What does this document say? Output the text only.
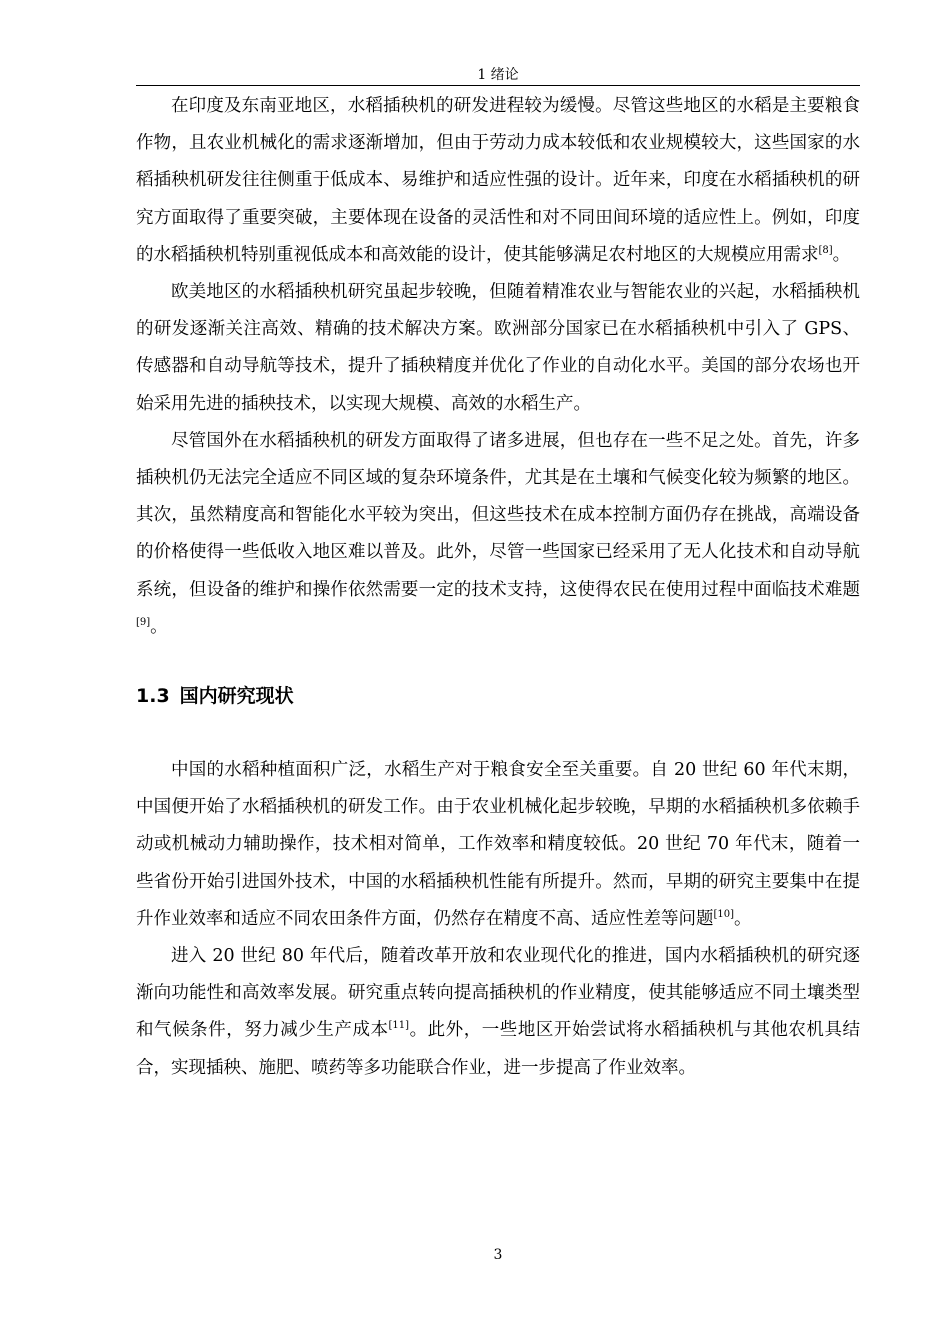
1 绪论

在印度及东南亚地区，水稻插秧机的研发进程较为缓慢。尽管这些地区的水稻是主要粮食作物，且农业机械化的需求逐渐增加，但由于劳动力成本较低和农业规模较大，这些国家的水稻插秧机研发往往侧重于低成本、易维护和适应性强的设计。近年来，印度在水稻插秧机的研究方面取得了重要突破，主要体现在设备的灵活性和对不同田间环境的适应性上。例如，印度的水稻插秧机特别重视低成本和高效能的设计，使其能够满足农村地区的大规模应用需求[8]。

欧美地区的水稻插秧机研究虽起步较晚，但随着精准农业与智能农业的兴起，水稻插秧机的研发逐渐关注高效、精确的技术解决方案。欧洲部分国家已在水稻插秧机中引入了 GPS、传感器和自动导航等技术，提升了插秧精度并优化了作业的自动化水平。美国的部分农场也开始采用先进的插秧技术，以实现大规模、高效的水稻生产。

尽管国外在水稻插秧机的研发方面取得了诸多进展，但也存在一些不足之处。首先，许多插秧机仍无法完全适应不同区域的复杂环境条件，尤其是在土壤和气候变化较为频繁的地区。其次，虽然精度高和智能化水平较为突出，但这些技术在成本控制方面仍存在挑战，高端设备的价格使得一些低收入地区难以普及。此外，尽管一些国家已经采用了无人化技术和自动导航系统，但设备的维护和操作依然需要一定的技术支持，这使得农民在使用过程中面临技术难题[9]。

1.3 国内研究现状

中国的水稻种植面积广泛，水稻生产对于粮食安全至关重要。自 20 世纪 60 年代末期，中国便开始了水稻插秧机的研发工作。由于农业机械化起步较晚，早期的水稻插秧机多依赖手动或机械动力辅助操作，技术相对简单，工作效率和精度较低。20 世纪 70 年代末，随着一些省份开始引进国外技术，中国的水稻插秧机性能有所提升。然而，早期的研究主要集中在提升作业效率和适应不同农田条件方面，仍然存在精度不高、适应性差等问题[10]。

进入 20 世纪 80 年代后，随着改革开放和农业现代化的推进，国内水稻插秧机的研究逐渐向功能性和高效率发展。研究重点转向提高插秧机的作业精度，使其能够适应不同土壤类型和气候条件，努力减少生产成本[11]。此外，一些地区开始尝试将水稻插秧机与其他农机具结合，实现插秧、施肥、喷药等多功能联合作业，进一步提高了作业效率。

3
